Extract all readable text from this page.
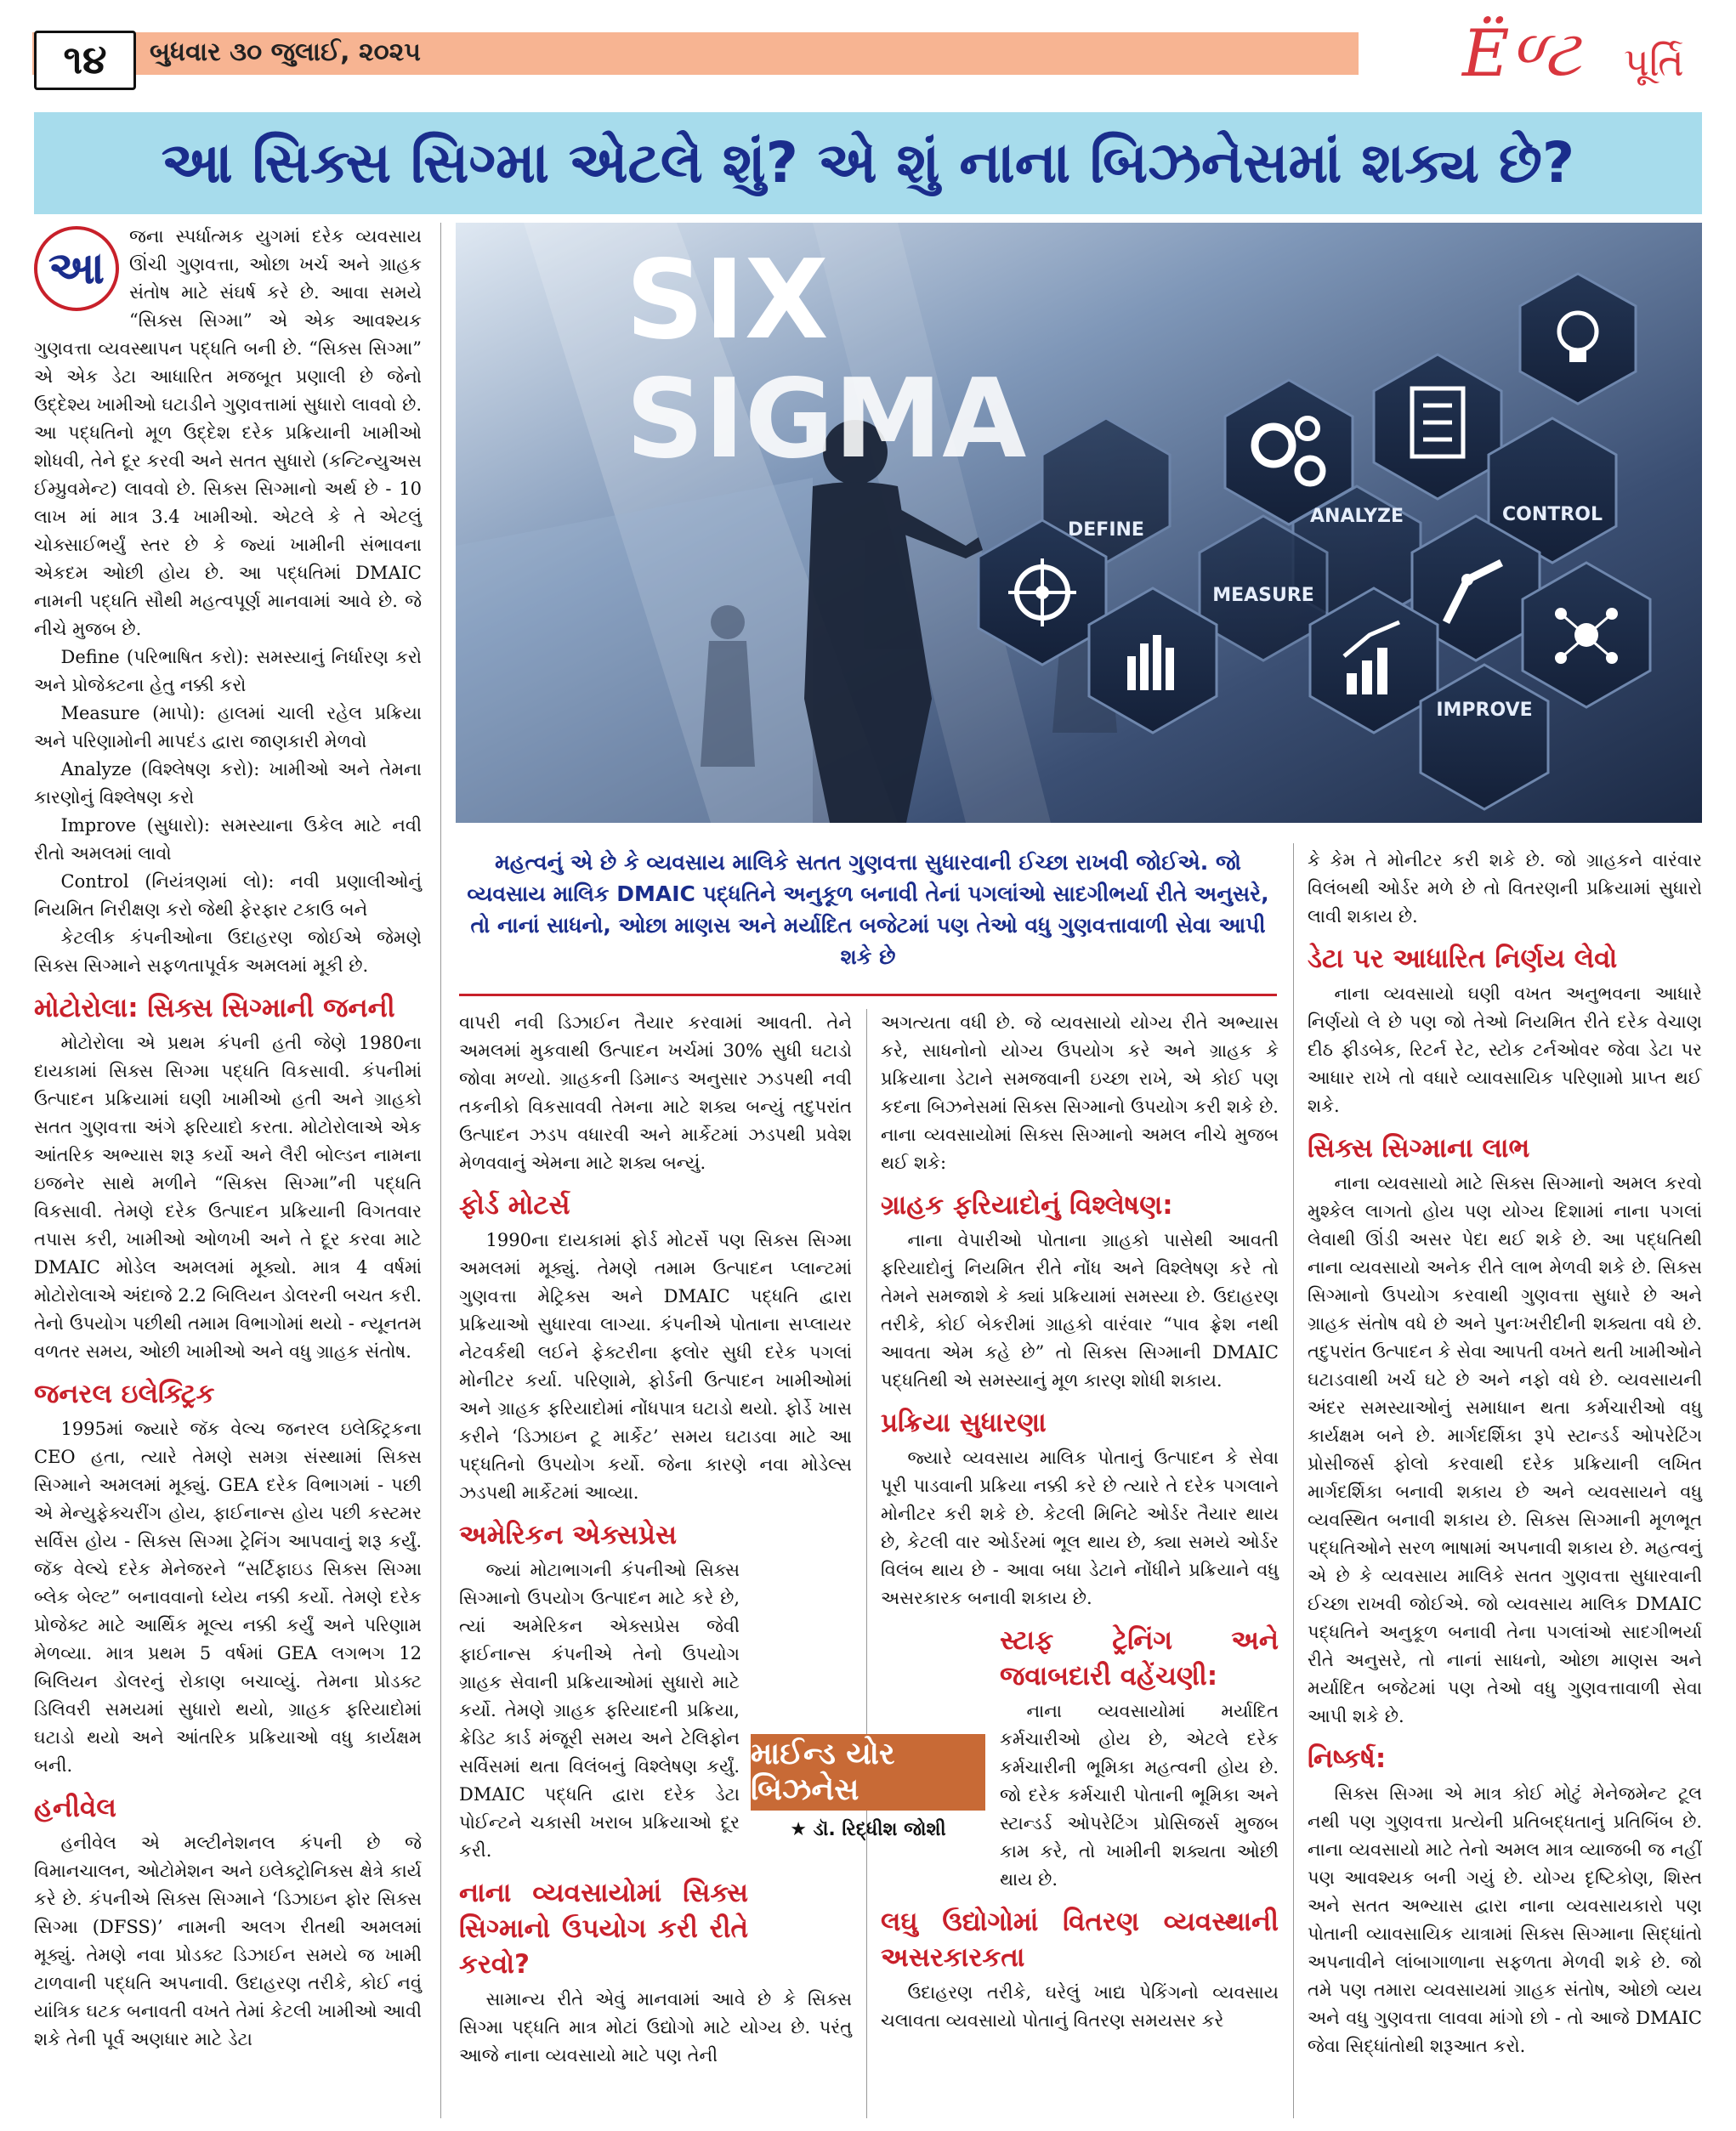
૧૪	બુધવાર ૩૦ જુલાઈ, ૨૦૨૫	Ëળ્ટ પૂર્તિ
આ સિક્સ સિગ્મા એટલે શું? એ શું નાના બિઝનેસમાં શક્ય છે?
SIX
SIGMA
DEFINE
ANALYZE	CONTROL
MEASURE
IMPROVE
મહત્વનું એ છે કે વ્યવસાય માલિકે સતત ગુણવત્તા સુધારવાની ઈચ્છા રાખવી જોઈએ. જો વ્યવસાય માલિક DMAIC પદ્ધતિને અનુકૂળ બનાવી તેનાં પગલાંઓ સાદગીભર્યા રીતે અનુસરે, તો નાનાં સાધનો, ઓછા માણસ અને મર્યાદિત બજેટમાં પણ તેઓ વધુ ગુણવત્તાવાળી સેવા આપી શકે છે
આ

જના સ્પર્ધાત્મક યુગમાં દરેક વ્યવસાય ઊંચી ગુણવત્તા, ઓછા ખર્ચ અને ગ્રાહક સંતોષ માટે સંઘર્ષ કરે છે. આવા સમયે “સિક્સ સિગ્મા” એ એક આવશ્યક ગુણવત્તા વ્યવસ્થાપન પદ્ધતિ બની છે. “સિક્સ સિગ્મા” એ એક ડેટા આધારિત મજબૂત પ્રણાલી છે જેનો ઉદ્દેશ્ય ખામીઓ ઘટાડીને ગુણવત્તામાં સુધારો લાવવો છે. આ પદ્ધતિનો મૂળ ઉદ્દેશ દરેક પ્રક્રિયાની ખામીઓ શોધવી, તેને દૂર કરવી અને સતત સુધારો (કન્ટિન્યુઅસ ઈમ્પ્રુવમેન્ટ) લાવવો છે. સિક્સ સિગ્માનો અર્થ છે - 10 લાખ માં માત્ર 3.4 ખામીઓ. એટલે કે તે એટલું ચોક્સાઈભર્યું સ્તર છે કે જ્યાં ખામીની સંભાવના એકદમ ઓછી હોય છે. આ પદ્ધતિમાં DMAIC નામની પદ્ધતિ સૌથી મહત્વપૂર્ણ માનવામાં આવે છે. જે નીચે મુજબ છે.

Define (પરિભાષિત કરો): સમસ્યાનું નિર્ધારણ કરો અને પ્રોજેક્ટના હેતુ નક્કી કરો
Measure (માપો): હાલમાં ચાલી રહેલ પ્રક્રિયા અને પરિણામોની માપદંડ દ્વારા જાણકારી મેળવો
Analyze (વિશ્લેષણ કરો): ખામીઓ અને તેમના કારણોનું વિશ્લેષણ કરો
Improve (સુધારો): સમસ્યાના ઉકેલ માટે નવી રીતો અમલમાં લાવો
Control (નિયંત્રણમાં લો): નવી પ્રણાલીઓનું નિયમિત નિરીક્ષણ કરો જેથી ફેરફાર ટકાઉ બને

કેટલીક કંપનીઓના ઉદાહરણ જોઈએ જેમણે સિક્સ સિગ્માને સફળતાપૂર્વક અમલમાં મૂકી છે.

મોટોરોલા: સિક્સ સિગ્માની જનની

મોટોરોલા એ પ્રથમ કંપની હતી જેણે 1980ના દાયકામાં સિક્સ સિગ્મા પદ્ધતિ વિકસાવી. કંપનીમાં ઉત્પાદન પ્રક્રિયામાં ઘણી ખામીઓ હતી અને ગ્રાહકો સતત ગુણવત્તા અંગે ફરિયાદો કરતા. મોટોરોલાએ એક આંતરિક અભ્યાસ શરૂ કર્યો અને લૈરી બોલ્ડન નામના ઇજનેર સાથે મળીને “સિક્સ સિગ્મા”ની પદ્ધતિ વિકસાવી. તેમણે દરેક ઉત્પાદન પ્રક્રિયાની વિગતવાર તપાસ કરી, ખામીઓ ઓળખી અને તે દૂર કરવા માટે DMAIC મોડેલ અમલમાં મૂક્યો. માત્ર 4 વર્ષમાં મોટોરોલાએ અંદાજે 2.2 બિલિયન ડોલરની બચત કરી. તેનો ઉપયોગ પછીથી તમામ વિભાગોમાં થયો - ન્યૂનતમ વળતર સમય, ઓછી ખામીઓ અને વધુ ગ્રાહક સંતોષ.

જનરલ ઇલેક્ટ્રિક

1995માં જ્યારે જૅક વેલ્ચ જનરલ ઇલેક્ટ્રિકના CEO હતા, ત્યારે તેમણે સમગ્ર સંસ્થામાં સિક્સ સિગ્માને અમલમાં મૂક્યું. GEA દરેક વિભાગમાં - પછી એ મેન્યુફેક્ચરીંગ હોય, ફાઈનાન્સ હોય પછી કસ્ટમર સર્વિસ હોય - સિક્સ સિગ્મા ટ્રેનિંગ આપવાનું શરૂ કર્યું. જૅક વેલ્ચે દરેક મેનેજરને “સર્ટિફાઇડ સિક્સ સિગ્મા બ્લેક બેલ્ટ” બનાવવાનો ધ્યેય નક્કી કર્યો. તેમણે દરેક પ્રોજેક્ટ માટે આર્થિક મૂલ્ય નક્કી કર્યું અને પરિણામ મેળવ્યા. માત્ર પ્રથમ 5 વર્ષમાં GEA લગભગ 12 બિલિયન ડોલરનું રોકાણ બચાવ્યું. તેમના પ્રોડક્ટ ડિલિવરી સમયમાં સુધારો થયો, ગ્રાહક ફરિયાદોમાં ઘટાડો થયો અને આંતરિક પ્રક્રિયાઓ વધુ કાર્યક્ષમ બની.

હનીવેલ

હનીવેલ એ મલ્ટીનેશનલ કંપની છે જે વિમાનચાલન, ઓટોમેશન અને ઇલેક્ટ્રોનિક્સ ક્ષેત્રે કાર્ય કરે છે. કંપનીએ સિક્સ સિગ્માને ‘ડિઝાઇન ફોર સિક્સ સિગ્મા (DFSS)’ નામની અલગ રીતથી અમલમાં મૂક્યું. તેમણે નવા પ્રોડક્ટ ડિઝાઈન સમયે જ ખામી ટાળવાની પદ્ધતિ અપનાવી. ઉદાહરણ તરીકે, કોઈ નવું યાંત્રિક ઘટક બનાવતી વખતે તેમાં કેટલી ખામીઓ આવી શકે તેની પૂર્વ અણધાર માટે ડેટા

વાપરી નવી ડિઝાઈન તૈયાર કરવામાં આવતી. તેને અમલમાં મુકવાથી ઉત્પાદન ખર્ચમાં 30% સુધી ઘટાડો જોવા મળ્યો. ગ્રાહકની ડિમાન્ડ અનુસાર ઝડપથી નવી તકનીકો વિકસાવવી તેમના માટે શક્ય બન્યું તદુપરાંત ઉત્પાદન ઝડપ વધારવી અને માર્કેટમાં ઝડપથી પ્રવેશ મેળવવાનું એમના માટે શક્ય બન્યું.

ફોર્ડ મોટર્સ

1990ના દાયકામાં ફોર્ડ મોટર્સે પણ સિક્સ સિગ્મા અમલમાં મૂક્યું. તેમણે તમામ ઉત્પાદન પ્લાન્ટમાં ગુણવત્તા મેટ્રિક્સ અને DMAIC પદ્ધતિ દ્વારા પ્રક્રિયાઓ સુધારવા લાગ્યા. કંપનીએ પોતાના સપ્લાયર નેટવર્કથી લઈને ફેક્ટરીના ફ્લોર સુધી દરેક પગલાં મોનીટર કર્યા. પરિણામે, ફોર્ડની ઉત્પાદન ખામીઓમાં અને ગ્રાહક ફરિયાદોમાં નોંધપાત્ર ઘટાડો થયો. ફોર્ડે ખાસ કરીને ‘ડિઝાઇન ટૂ માર્કેટ’ સમય ઘટાડવા માટે આ પદ્ધતિનો ઉપયોગ કર્યો. જેના કારણે નવા મોડેલ્સ ઝડપથી માર્કેટમાં આવ્યા.

અમેરિકન એક્સપ્રેસ

જ્યાં મોટાભાગની કંપનીઓ સિક્સ સિગ્માનો ઉપયોગ ઉત્પાદન માટે કરે છે, ત્યાં અમેરિકન એક્સપ્રેસ જેવી ફાઈનાન્સ કંપનીએ તેનો ઉપયોગ ગ્રાહક સેવાની પ્રક્રિયાઓમાં સુધારો માટે કર્યો. તેમણે ગ્રાહક ફરિયાદની પ્રક્રિયા, ક્રેડિટ કાર્ડ મંજૂરી સમય અને ટેલિફોન સર્વિસમાં થતા વિલંબનું વિશ્લેષણ કર્યું. DMAIC પદ્ધતિ દ્વારા દરેક ડેટા પોઈન્ટને ચકાસી ખરાબ પ્રક્રિયાઓ દૂર કરી.

નાના વ્યવસાયોમાં સિક્સ સિગ્માનો ઉપયોગ કરી રીતે કરવો?

સામાન્ય રીતે એવું માનવામાં આવે છે કે સિક્સ સિગ્મા પદ્ધતિ માત્ર મોટાં ઉદ્યોગો માટે યોગ્ય છે. પરંતુ આજે નાના વ્યવસાયો માટે પણ તેની

અગત્યતા વધી છે. જે વ્યવસાયો યોગ્ય રીતે અભ્યાસ કરે, સાધનોનો યોગ્ય ઉપયોગ કરે અને ગ્રાહક કે પ્રક્રિયાના ડેટાને સમજવાની ઇચ્છા રાખે, એ કોઈ પણ કદના બિઝનેસમાં સિક્સ સિગ્માનો ઉપયોગ કરી શકે છે. નાના વ્યવસાયોમાં સિક્સ સિગ્માનો અમલ નીચે મુજબ થઈ શકે:

ગ્રાહક ફરિયાદોનું વિશ્લેષણ:

નાના વેપારીઓ પોતાના ગ્રાહકો પાસેથી આવતી ફરિયાદોનું નિયમિત રીતે નોંધ અને વિશ્લેષણ કરે તો તેમને સમજાશે કે ક્યાં પ્રક્રિયામાં સમસ્યા છે. ઉદાહરણ તરીકે, કોઈ બેકરીમાં ગ્રાહકો વારંવાર “પાવ ફ્રેશ નથી આવતા એમ કહે છે” તો સિક્સ સિગ્માની DMAIC પદ્ધતિથી એ સમસ્યાનું મૂળ કારણ શોધી શકાય.

પ્રક્રિયા સુધારણા

જ્યારે વ્યવસાય માલિક પોતાનું ઉત્પાદન કે સેવા પૂરી પાડવાની પ્રક્રિયા નક્કી કરે છે ત્યારે તે દરેક પગલાને મોનીટર કરી શકે છે. કેટલી મિનિટે ઓર્ડર તૈયાર થાય છે, કેટલી વાર ઓર્ડરમાં ભૂલ થાય છે, ક્યા સમયે ઓર્ડર વિલંબ થાય છે - આવા બધા ડેટાને નોંધીને પ્રક્રિયાને વધુ અસરકારક બનાવી શકાય છે.

સ્ટાફ ટ્રેનિંગ અને જવાબદારી વહેંચણી:

નાના વ્યવસાયોમાં મર્યાદિત કર્મચારીઓ હોય છે, એટલે દરેક કર્મચારીની ભૂમિકા મહત્વની હોય છે. જો દરેક કર્મચારી પોતાની ભૂમિકા અને સ્ટાન્ડર્ડ ઓપરેટિંગ પ્રોસિજર્સ મુજબ કામ કરે, તો ખામીની શક્યતા ઓછી થાય છે.

લઘુ ઉદ્યોગોમાં વિતરણ વ્યવસ્થાની અસરકારકતા

ઉદાહરણ તરીકે, ઘરેલું ખાદ્ય પેકિંગનો વ્યવસાય ચલાવતા વ્યવસાયો પોતાનું વિતરણ સમયસર કરે

માઈન્ડ યોર બિઝનેસ
★ ડૉ. રિદ્ધીશ જોશી

કે કેમ તે મોનીટર કરી શકે છે. જો ગ્રાહકને વારંવાર વિલંબથી ઓર્ડર મળે છે તો વિતરણની પ્રક્રિયામાં સુધારો લાવી શકાય છે.

ડેટા પર આધારિત નિર્ણય લેવો

નાના વ્યવસાયો ઘણી વખત અનુભવના આધારે નિર્ણયો લે છે પણ જો તેઓ નિયમિત રીતે દરેક વેચાણ દીઠ ફીડબેક, રિટર્ન રેટ, સ્ટોક ટર્નઓવર જેવા ડેટા પર આધાર રાખે તો વધારે વ્યાવસાયિક પરિણામો પ્રાપ્ત થઈ શકે.

સિક્સ સિગ્માના લાભ

નાના વ્યવસાયો માટે સિક્સ સિગ્માનો અમલ કરવો મુશ્કેલ લાગતો હોય પણ યોગ્ય દિશામાં નાના પગલાં લેવાથી ઊંડી અસર પેદા થઈ શકે છે. આ પદ્ધતિથી નાના વ્યવસાયો અનેક રીતે લાભ મેળવી શકે છે. સિક્સ સિગ્માનો ઉપયોગ કરવાથી ગુણવત્તા સુધારે છે અને ગ્રાહક સંતોષ વધે છે અને પુનઃખરીદીની શક્યતા વધે છે. તદુપરાંત ઉત્પાદન કે સેવા આપતી વખતે થતી ખામીઓને ઘટાડવાથી ખર્ચ ઘટે છે અને નફો વધે છે. વ્યવસાયની અંદર સમસ્યાઓનું સમાધાન થતા કર્મચારીઓ વધુ કાર્યક્ષમ બને છે. માર્ગદર્શિકા રૂપે સ્ટાન્ડર્ડ ઓપરેટિંગ પ્રોસીજર્સ ફોલો કરવાથી દરેક પ્રક્રિયાની લખિત માર્ગદર્શિકા બનાવી શકાય છે અને વ્યવસાયને વધુ વ્યવસ્થિત બનાવી શકાય છે. સિક્સ સિગ્માની મૂળભૂત પદ્ધતિઓને સરળ ભાષામાં અપનાવી શકાય છે. મહત્વનું એ છે કે વ્યવસાય માલિકે સતત ગુણવત્તા સુધારવાની ઈચ્છા રાખવી જોઈએ. જો વ્યવસાય માલિક DMAIC પદ્ધતિને અનુકૂળ બનાવી તેના પગલાંઓ સાદગીભર્યા રીતે અનુસરે, તો નાનાં સાધનો, ઓછા માણસ અને મર્યાદિત બજેટમાં પણ તેઓ વધુ ગુણવત્તાવાળી સેવા આપી શકે છે.

નિષ્કર્ષ:

સિક્સ સિગ્મા એ માત્ર કોઈ મોટું મેનેજમેન્ટ ટૂલ નથી પણ ગુણવત્તા પ્રત્યેની પ્રતિબદ્ધતાનું પ્રતિબિંબ છે. નાના વ્યવસાયો માટે તેનો અમલ માત્ર વ્યાજબી જ નહીં પણ આવશ્યક બની ગયું છે. યોગ્ય દૃષ્ટિકોણ, શિસ્ત અને સતત અભ્યાસ દ્વારા નાના વ્યવસાયકારો પણ પોતાની વ્યાવસાયિક યાત્રામાં સિક્સ સિગ્માના સિદ્ધાંતો અપનાવીને લાંબાગાળાના સફળતા મેળવી શકે છે. જો તમે પણ તમારા વ્યવસાયમાં ગ્રાહક સંતોષ, ઓછો વ્યય અને વધુ ગુણવત્તા લાવવા માંગો છો - તો આજે DMAIC જેવા સિદ્ધાંતોથી શરૂઆત કરો.
